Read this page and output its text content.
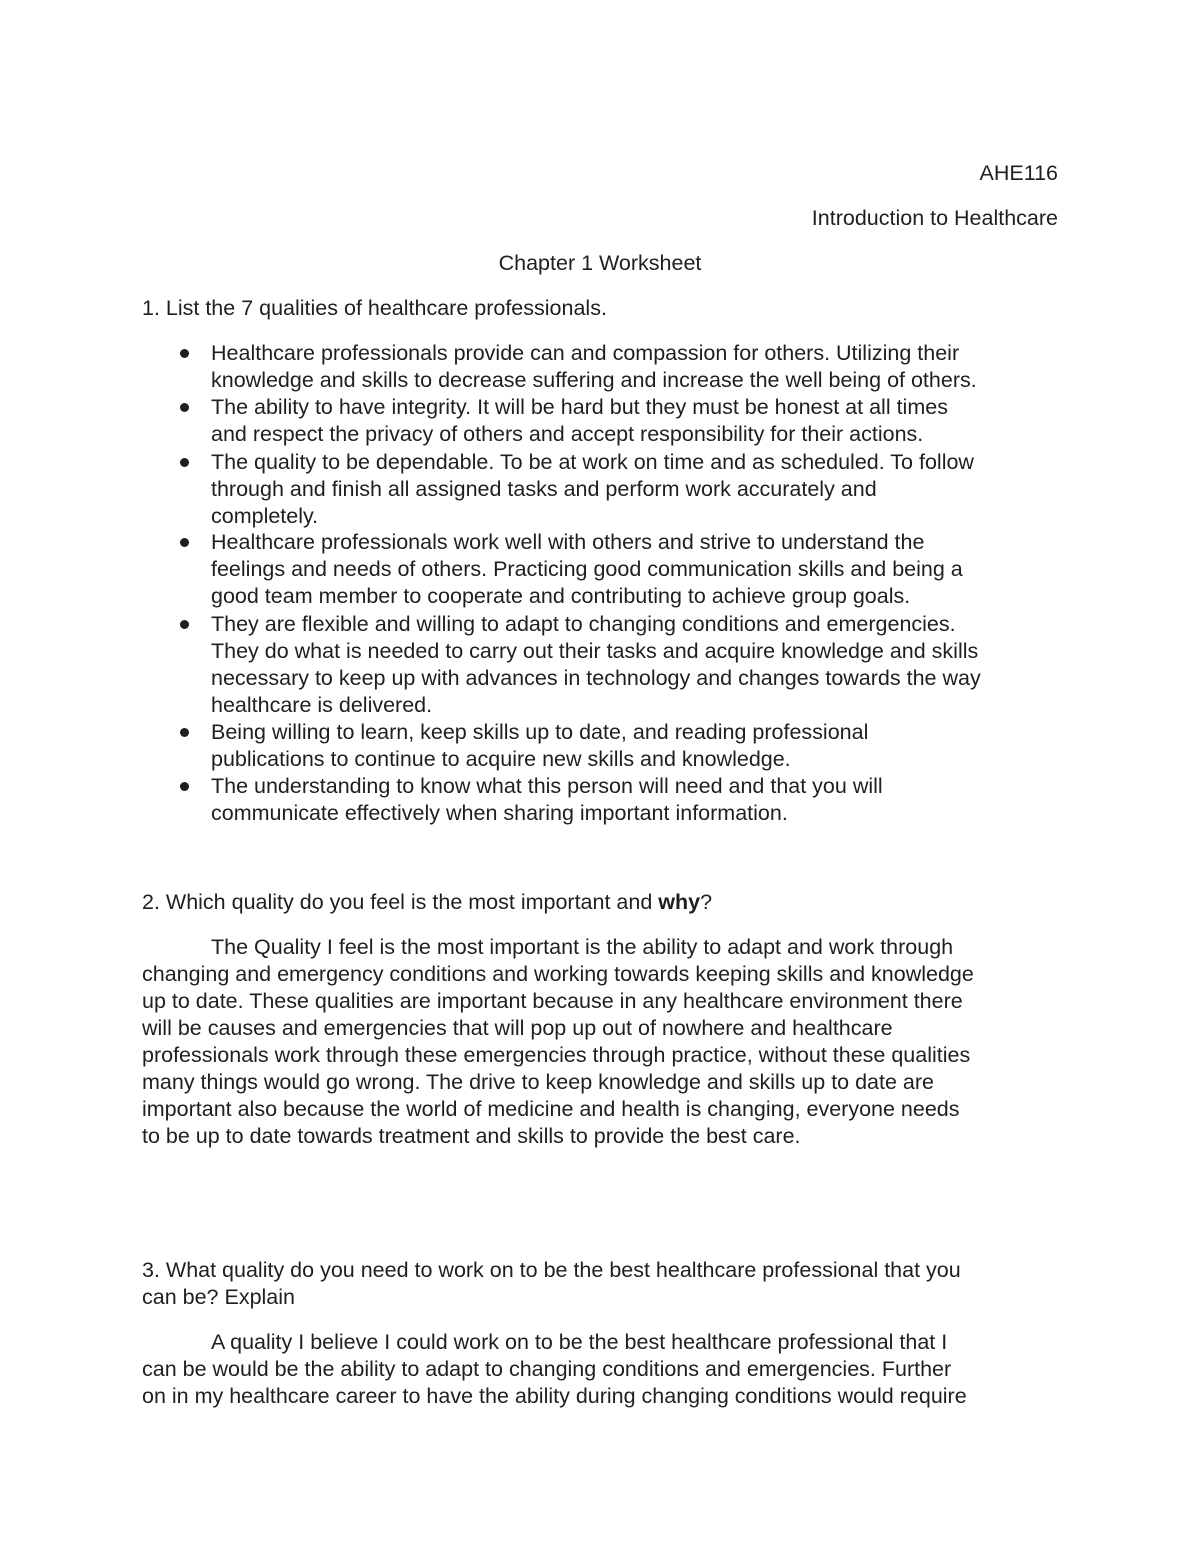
AHE116
Introduction to Healthcare
Chapter 1 Worksheet
1. List the 7 qualities of healthcare professionals.
Healthcare professionals provide can and compassion for others. Utilizing their
knowledge and skills to decrease suffering and increase the well being of others.
The ability to have integrity. It will be hard but they must be honest at all times
and respect the privacy of others and accept responsibility for their actions.
The quality to be dependable. To be at work on time and as scheduled. To follow
through and finish all assigned tasks and perform work accurately and
completely.
Healthcare professionals work well with others and strive to understand the
feelings and needs of others. Practicing good communication skills and being a
good team member to cooperate and contributing to achieve group goals.
They are flexible and willing to adapt to changing conditions and emergencies.
They do what is needed to carry out their tasks and acquire knowledge and skills
necessary to keep up with advances in technology and changes towards the way
healthcare is delivered.
Being willing to learn, keep skills up to date, and reading professional
publications to continue to acquire new skills and knowledge.
The understanding to know what this person will need and that you will
communicate effectively when sharing important information.
2. Which quality do you feel is the most important and why?
The Quality I feel is the most important is the ability to adapt and work through
changing and emergency conditions and working towards keeping skills and knowledge
up to date. These qualities are important because in any healthcare environment there
will be causes and emergencies that will pop up out of nowhere and healthcare
professionals work through these emergencies through practice, without these qualities
many things would go wrong. The drive to keep knowledge and skills up to date are
important also because the world of medicine and health is changing, everyone needs
to be up to date towards treatment and skills to provide the best care.
3. What quality do you need to work on to be the best healthcare professional that you
can be? Explain
A quality I believe I could work on to be the best healthcare professional that I
can be would be the ability to adapt to changing conditions and emergencies. Further
on in my healthcare career to have the ability during changing conditions would require
